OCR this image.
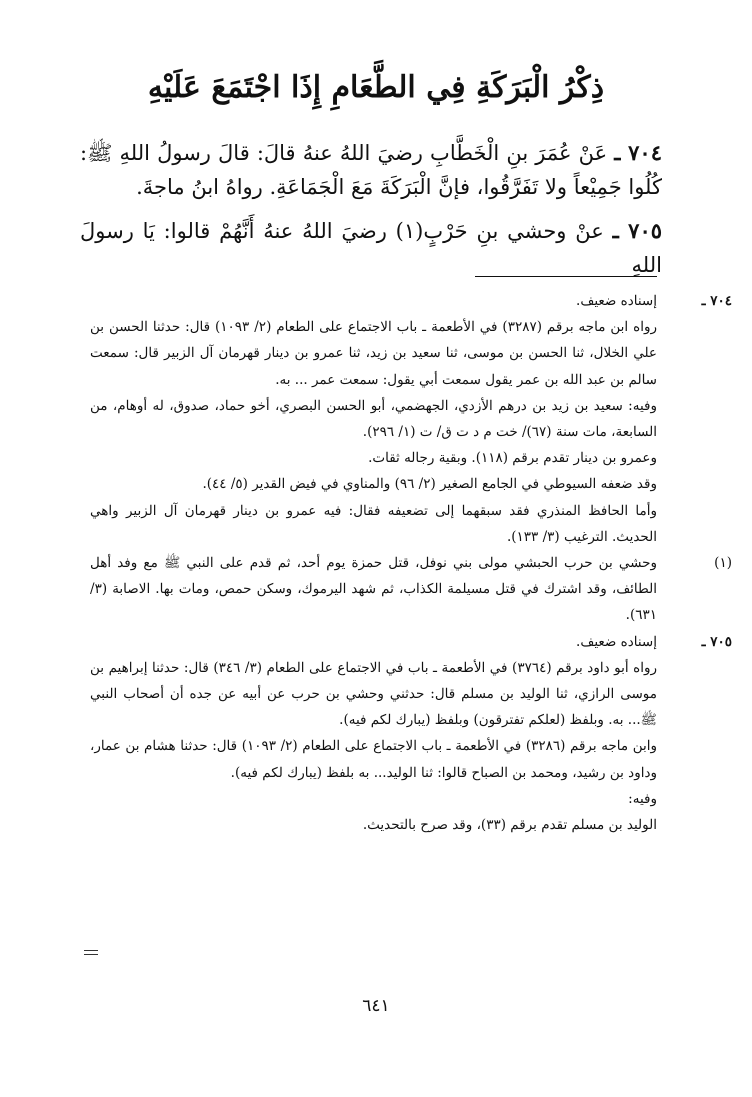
ذِكْرُ الْبَرَكَةِ فِي الطَّعَامِ إِذَا اجْتَمَعَ عَلَيْهِ

٧٠٤ ـ عَنْ عُمَرَ بنِ الْخَطَّابِ رضيَ اللهُ عنهُ قالَ: قالَ رسولُ اللهِ ﷺ: كُلُوا جَمِيْعاً ولا تَفَرَّقُوا، فإنَّ الْبَرَكَةَ مَعَ الْجَمَاعَةِ. رواهُ ابنُ ماجةَ.

٧٠٥ ـ عنْ وحشي بنِ حَرْبٍ(١) رضيَ اللهُ عنهُ أَنَّهُمْ قالوا: يَا رسولَ اللهِ

٧٠٤ ـ

إسناده ضعيف.

رواه ابن ماجه برقم (٣٢٨٧) في الأطعمة ـ باب الاجتماع على الطعام (٢/ ١٠٩٣) قال: حدثنا الحسن بن علي الخلال، ثنا الحسن بن موسى، ثنا سعيد بن زيد، ثنا عمرو بن دينار قهرمان آل الزبير قال: سمعت سالم بن عبد الله بن عمر يقول سمعت أبي يقول: سمعت عمر ... به.

وفيه: سعيد بن زيد بن درهم الأزدي، الجهضمي، أبو الحسن البصري، أخو حماد، صدوق، له أوهام، من السابعة، مات سنة (٦٧)/ خت م د ت ق/ ت (١/ ٢٩٦).

وعمرو بن دينار تقدم برقم (١١٨). وبقية رجاله ثقات.

وقد ضعفه السيوطي في الجامع الصغير (٢/ ٩٦) والمناوي في فيض القدير (٥/ ٤٤).

وأما الحافظ المنذري فقد سبقهما إلى تضعيفه فقال: فيه عمرو بن دينار قهرمان آل الزبير واهي الحديث. الترغيب (٣/ ١٣٣).

(١)

وحشي بن حرب الحبشي مولى بني نوفل، قتل حمزة يوم أحد، ثم قدم على النبي ﷺ مع وفد أهل الطائف، وقد اشترك في قتل مسيلمة الكذاب، ثم شهد اليرموك، وسكن حمص، ومات بها. الاصابة (٣/ ٦٣١).

٧٠٥ ـ

إسناده ضعيف.

رواه أبو داود برقم (٣٧٦٤) في الأطعمة ـ باب في الاجتماع على الطعام (٣/ ٣٤٦) قال: حدثنا إبراهيم بن موسى الرازي، ثنا الوليد بن مسلم قال: حدثني وحشي بن حرب عن أبيه عن جده أن أصحاب النبي ﷺ... به. وبلفظ (لعلكم تفترقون) وبلفظ (يبارك لكم فيه).

وابن ماجه برقم (٣٢٨٦) في الأطعمة ـ باب الاجتماع على الطعام (٢/ ١٠٩٣) قال: حدثنا هشام بن عمار، وداود بن رشيد، ومحمد بن الصباح قالوا: ثنا الوليد... به بلفظ (يبارك لكم فيه).

وفيه:

الوليد بن مسلم تقدم برقم (٣٣)، وقد صرح بالتحديث.

٦٤١
